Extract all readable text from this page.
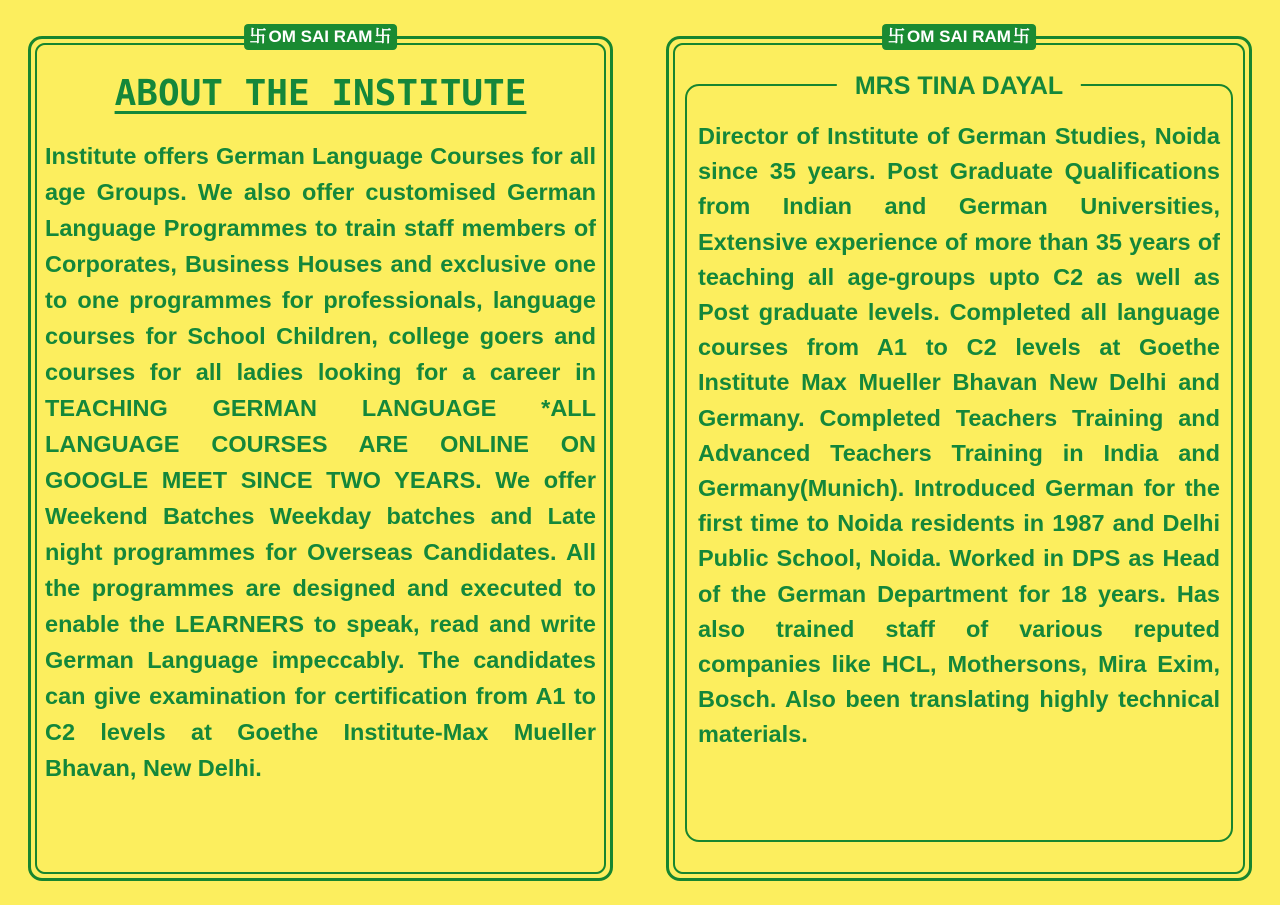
卐 OM SAI RAM 卐
ABOUT THE INSTITUTE
Institute offers German Language Courses for all age Groups. We also offer customised German Language Programmes to train staff members of Corporates, Business Houses and exclusive one to one programmes for professionals, language courses for School Children, college goers and courses for all ladies looking for a career in TEACHING GERMAN LANGUAGE *ALL LANGUAGE COURSES ARE ONLINE ON GOOGLE MEET SINCE TWO YEARS. We offer Weekend Batches Weekday batches and Late night programmes for Overseas Candidates. All the programmes are designed and executed to enable the LEARNERS to speak, read and write German Language impeccably. The candidates can give examination for certification from A1 to C2 levels at Goethe Institute-Max Mueller Bhavan, New Delhi.
卐 OM SAI RAM 卐
MRS TINA DAYAL
Director of Institute of German Studies, Noida since 35 years. Post Graduate Qualifications from Indian and German Universities, Extensive experience of more than 35 years of teaching all age-groups upto C2 as well as Post graduate levels. Completed all language courses from A1 to C2 levels at Goethe Institute Max Mueller Bhavan New Delhi and Germany. Completed Teachers Training and Advanced Teachers Training in India and Germany(Munich). Introduced German for the first time to Noida residents in 1987 and Delhi Public School, Noida. Worked in DPS as Head of the German Department for 18 years. Has also trained staff of various reputed companies like HCL, Mothersons, Mira Exim, Bosch. Also been translating highly technical materials.
